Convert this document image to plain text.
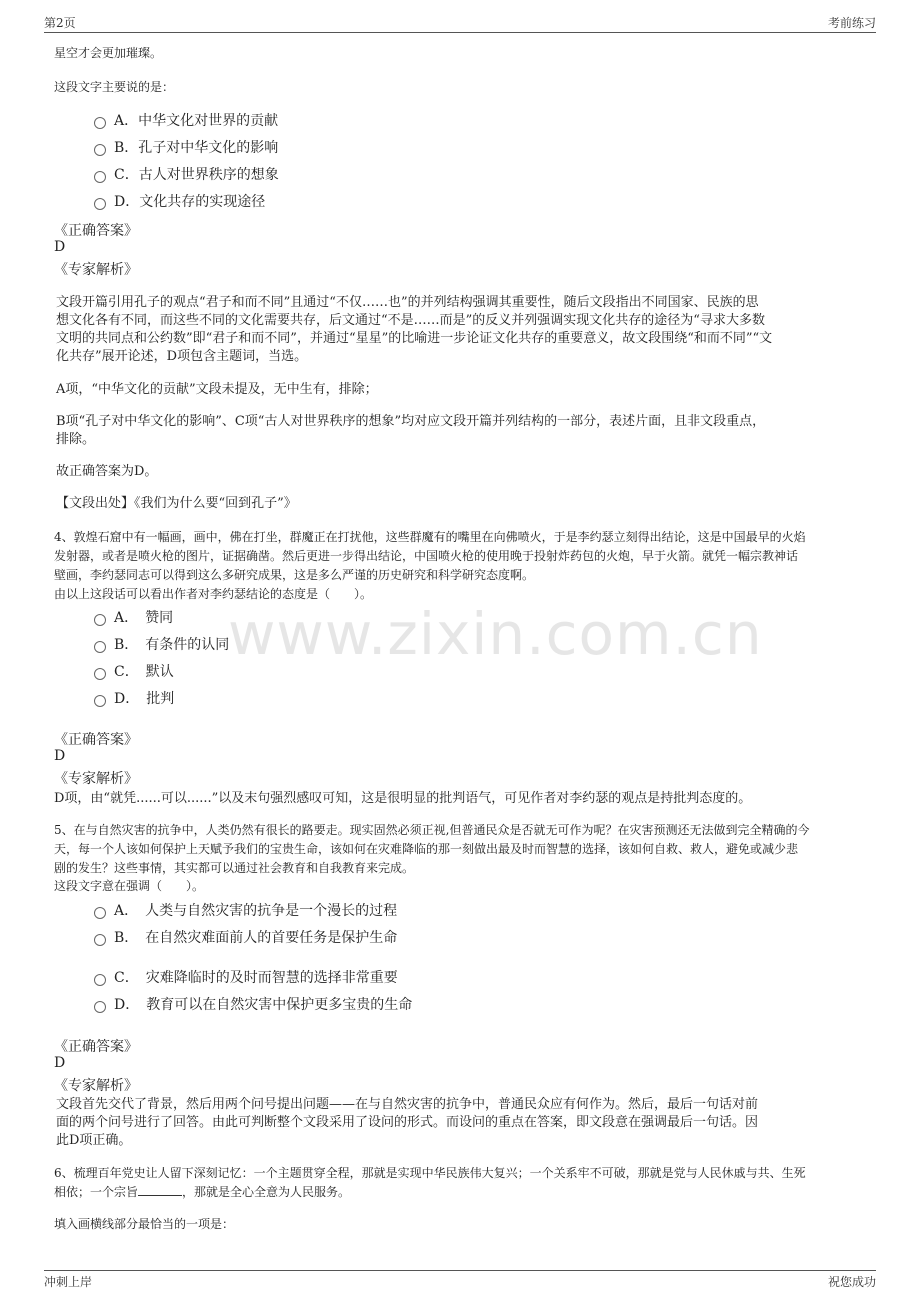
第2页	考前练习
www.zixin.com.cn
星空才会更加璀璨。
这段文字主要说的是：
A．中华文化对世界的贡献
B．孔子对中华文化的影响
C．古人对世界秩序的想象
D．文化共存的实现途径
《正确答案》
D
《专家解析》
文段开篇引用孔子的观点“君子和而不同”且通过“不仅……也”的并列结构强调其重要性，随后文段指出不同国家、民族的思
想文化各有不同，而这些不同的文化需要共存，后文通过“不是……而是”的反义并列强调实现文化共存的途径为“寻求大多数
文明的共同点和公约数”即“君子和而不同”，并通过“星星”的比喻进一步论证文化共存的重要意义，故文段围绕“和而不同”“文
化共存”展开论述，D项包含主题词，当选。
A项，“中华文化的贡献”文段未提及，无中生有，排除；
B项“孔子对中华文化的影响”、C项“古人对世界秩序的想象”均对应文段开篇并列结构的一部分，表述片面，且非文段重点，
排除。
故正确答案为D。
【文段出处】《我们为什么要“回到孔子”》
4、敦煌石窟中有一幅画，画中，佛在打坐，群魔正在打扰他，这些群魔有的嘴里在向佛喷火，于是李约瑟立刻得出结论，这是中国最早的火焰
发射器，或者是喷火枪的图片，证据确凿。然后更进一步得出结论，中国喷火枪的使用晚于投射炸药包的火炮，早于火箭。就凭一幅宗教神话
壁画，李约瑟同志可以得到这么多研究成果，这是多么严谨的历史研究和科学研究态度啊。
由以上这段话可以看出作者对李约瑟结论的态度是（　　）。
A．　赞同
B．　有条件的认同
C．　默认
D．　批判
《正确答案》
D
《专家解析》
D项，由“就凭......可以......”以及末句强烈感叹可知，这是很明显的批判语气，可见作者对李约瑟的观点是持批判态度的。
5、在与自然灾害的抗争中，人类仍然有很长的路要走。现实固然必须正视,但普通民众是否就无可作为呢？在灾害预测还无法做到完全精确的今
天，每一个人该如何保护上天赋予我们的宝贵生命，该如何在灾难降临的那一刻做出最及时而智慧的选择，该如何自救、救人，避免或减少悲
剧的发生？这些事情，其实都可以通过社会教育和自我教育来完成。
这段文字意在强调（　　）。
A．　人类与自然灾害的抗争是一个漫长的过程
B．　在自然灾难面前人的首要任务是保护生命
C．　灾难降临时的及时而智慧的选择非常重要
D．　教育可以在自然灾害中保护更多宝贵的生命
《正确答案》
D
《专家解析》
文段首先交代了背景，然后用两个问号提出问题——在与自然灾害的抗争中，普通民众应有何作为。然后，最后一句话对前
面的两个问号进行了回答。由此可判断整个文段采用了设问的形式。而设问的重点在答案，即文段意在强调最后一句话。因
此D项正确。
6、梳理百年党史让人留下深刻记忆：一个主题贯穿全程，那就是实现中华民族伟大复兴；一个关系牢不可破，那就是党与人民休戚与共、生死
相依；一个宗旨	，那就是全心全意为人民服务。
填入画横线部分最恰当的一项是：
冲刺上岸	祝您成功
